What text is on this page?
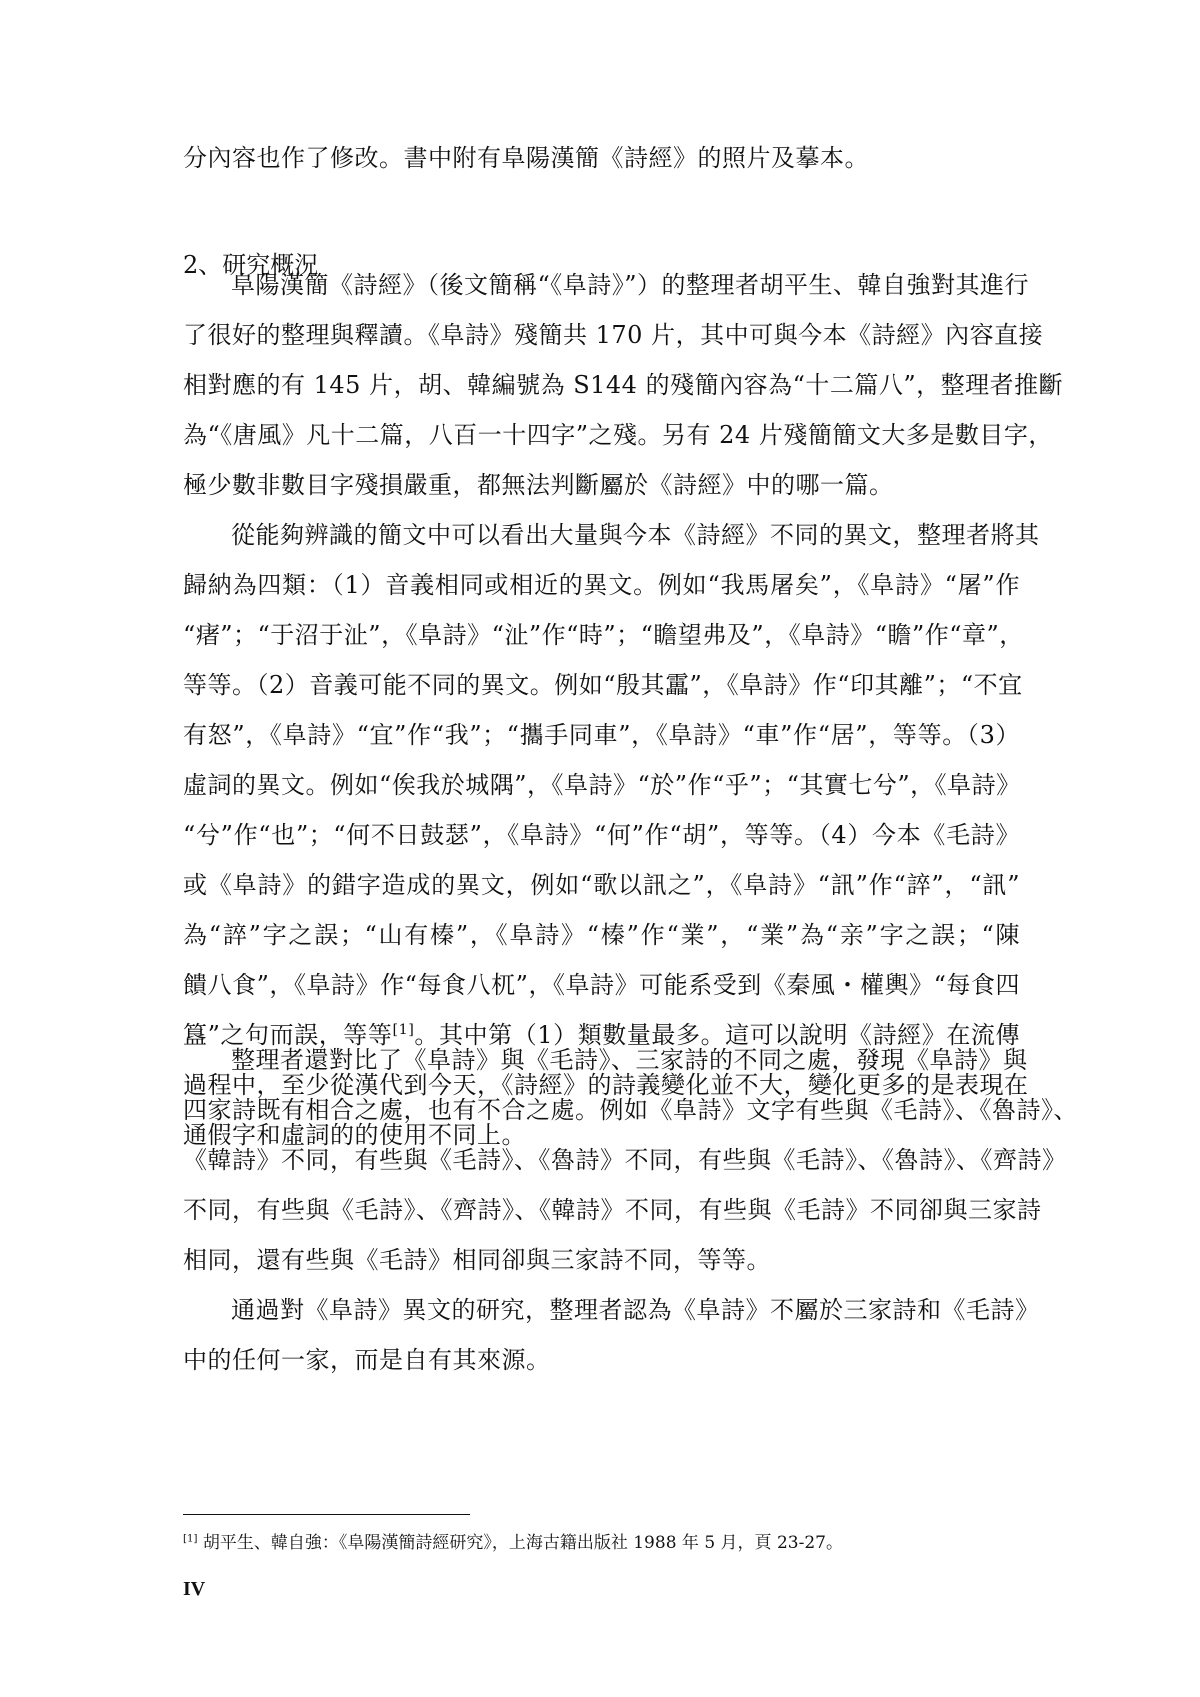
分內容也作了修改。書中附有阜陽漢簡《詩經》的照片及摹本。
2、研究概況
阜陽漢簡《詩經》（後文簡稱“《阜詩》”）的整理者胡平生、韓自強對其進行
了很好的整理與釋讀。《阜詩》殘簡共 170 片，其中可與今本《詩經》內容直接
相對應的有 145 片，胡、韓編號為 S144 的殘簡內容為“十二篇八”，整理者推斷
為“《唐風》凡十二篇，八百一十四字”之殘。另有 24 片殘簡簡文大多是數目字，
極少數非數目字殘損嚴重，都無法判斷屬於《詩經》中的哪一篇。
從能夠辨識的簡文中可以看出大量與今本《詩經》不同的異文，整理者將其
歸納為四類：（1）音義相同或相近的異文。例如“我馬屠矣”，《阜詩》“屠”作
“瘏”；“于沼于沚”，《阜詩》“沚”作“時”；“瞻望弗及”，《阜詩》“瞻”作“章”，
等等。（2）音義可能不同的異文。例如“殷其靁”，《阜詩》作“印其離”；“不宜
有怒”，《阜詩》“宜”作“我”；“攜手同車”，《阜詩》“車”作“居”，等等。（3）
虛詞的異文。例如“俟我於城隅”，《阜詩》“於”作“乎”；“其實七兮”，《阜詩》
“兮”作“也”；“何不日鼓瑟”，《阜詩》“何”作“胡”，等等。（4）今本《毛詩》
或《阜詩》的錯字造成的異文，例如“歌以訊之”，《阜詩》“訊”作“誶”，“訊”
為“誶”字之誤；“山有榛”，《阜詩》“榛”作“業”，“業”為“亲”字之誤；“陳
饋八食”，《阜詩》作“每食八杌”，《阜詩》可能系受到《秦風・權輿》“每食四
簋”之句而誤，等等[1]。其中第（1）類數量最多。這可以說明《詩經》在流傳
過程中，至少從漢代到今天，《詩經》的詩義變化並不大，變化更多的是表現在
通假字和虛詞的的使用不同上。
整理者還對比了《阜詩》與《毛詩》、三家詩的不同之處，發現《阜詩》與
四家詩既有相合之處，也有不合之處。例如《阜詩》文字有些與《毛詩》、《魯詩》、
《韓詩》不同，有些與《毛詩》、《魯詩》不同，有些與《毛詩》、《魯詩》、《齊詩》
不同，有些與《毛詩》、《齊詩》、《韓詩》不同，有些與《毛詩》不同卻與三家詩
相同，還有些與《毛詩》相同卻與三家詩不同，等等。
通過對《阜詩》異文的研究，整理者認為《阜詩》不屬於三家詩和《毛詩》
中的任何一家，而是自有其來源。
[1] 胡平生、韓自強：《阜陽漢簡詩經研究》，上海古籍出版社 1988 年 5 月，頁 23-27。
IV
